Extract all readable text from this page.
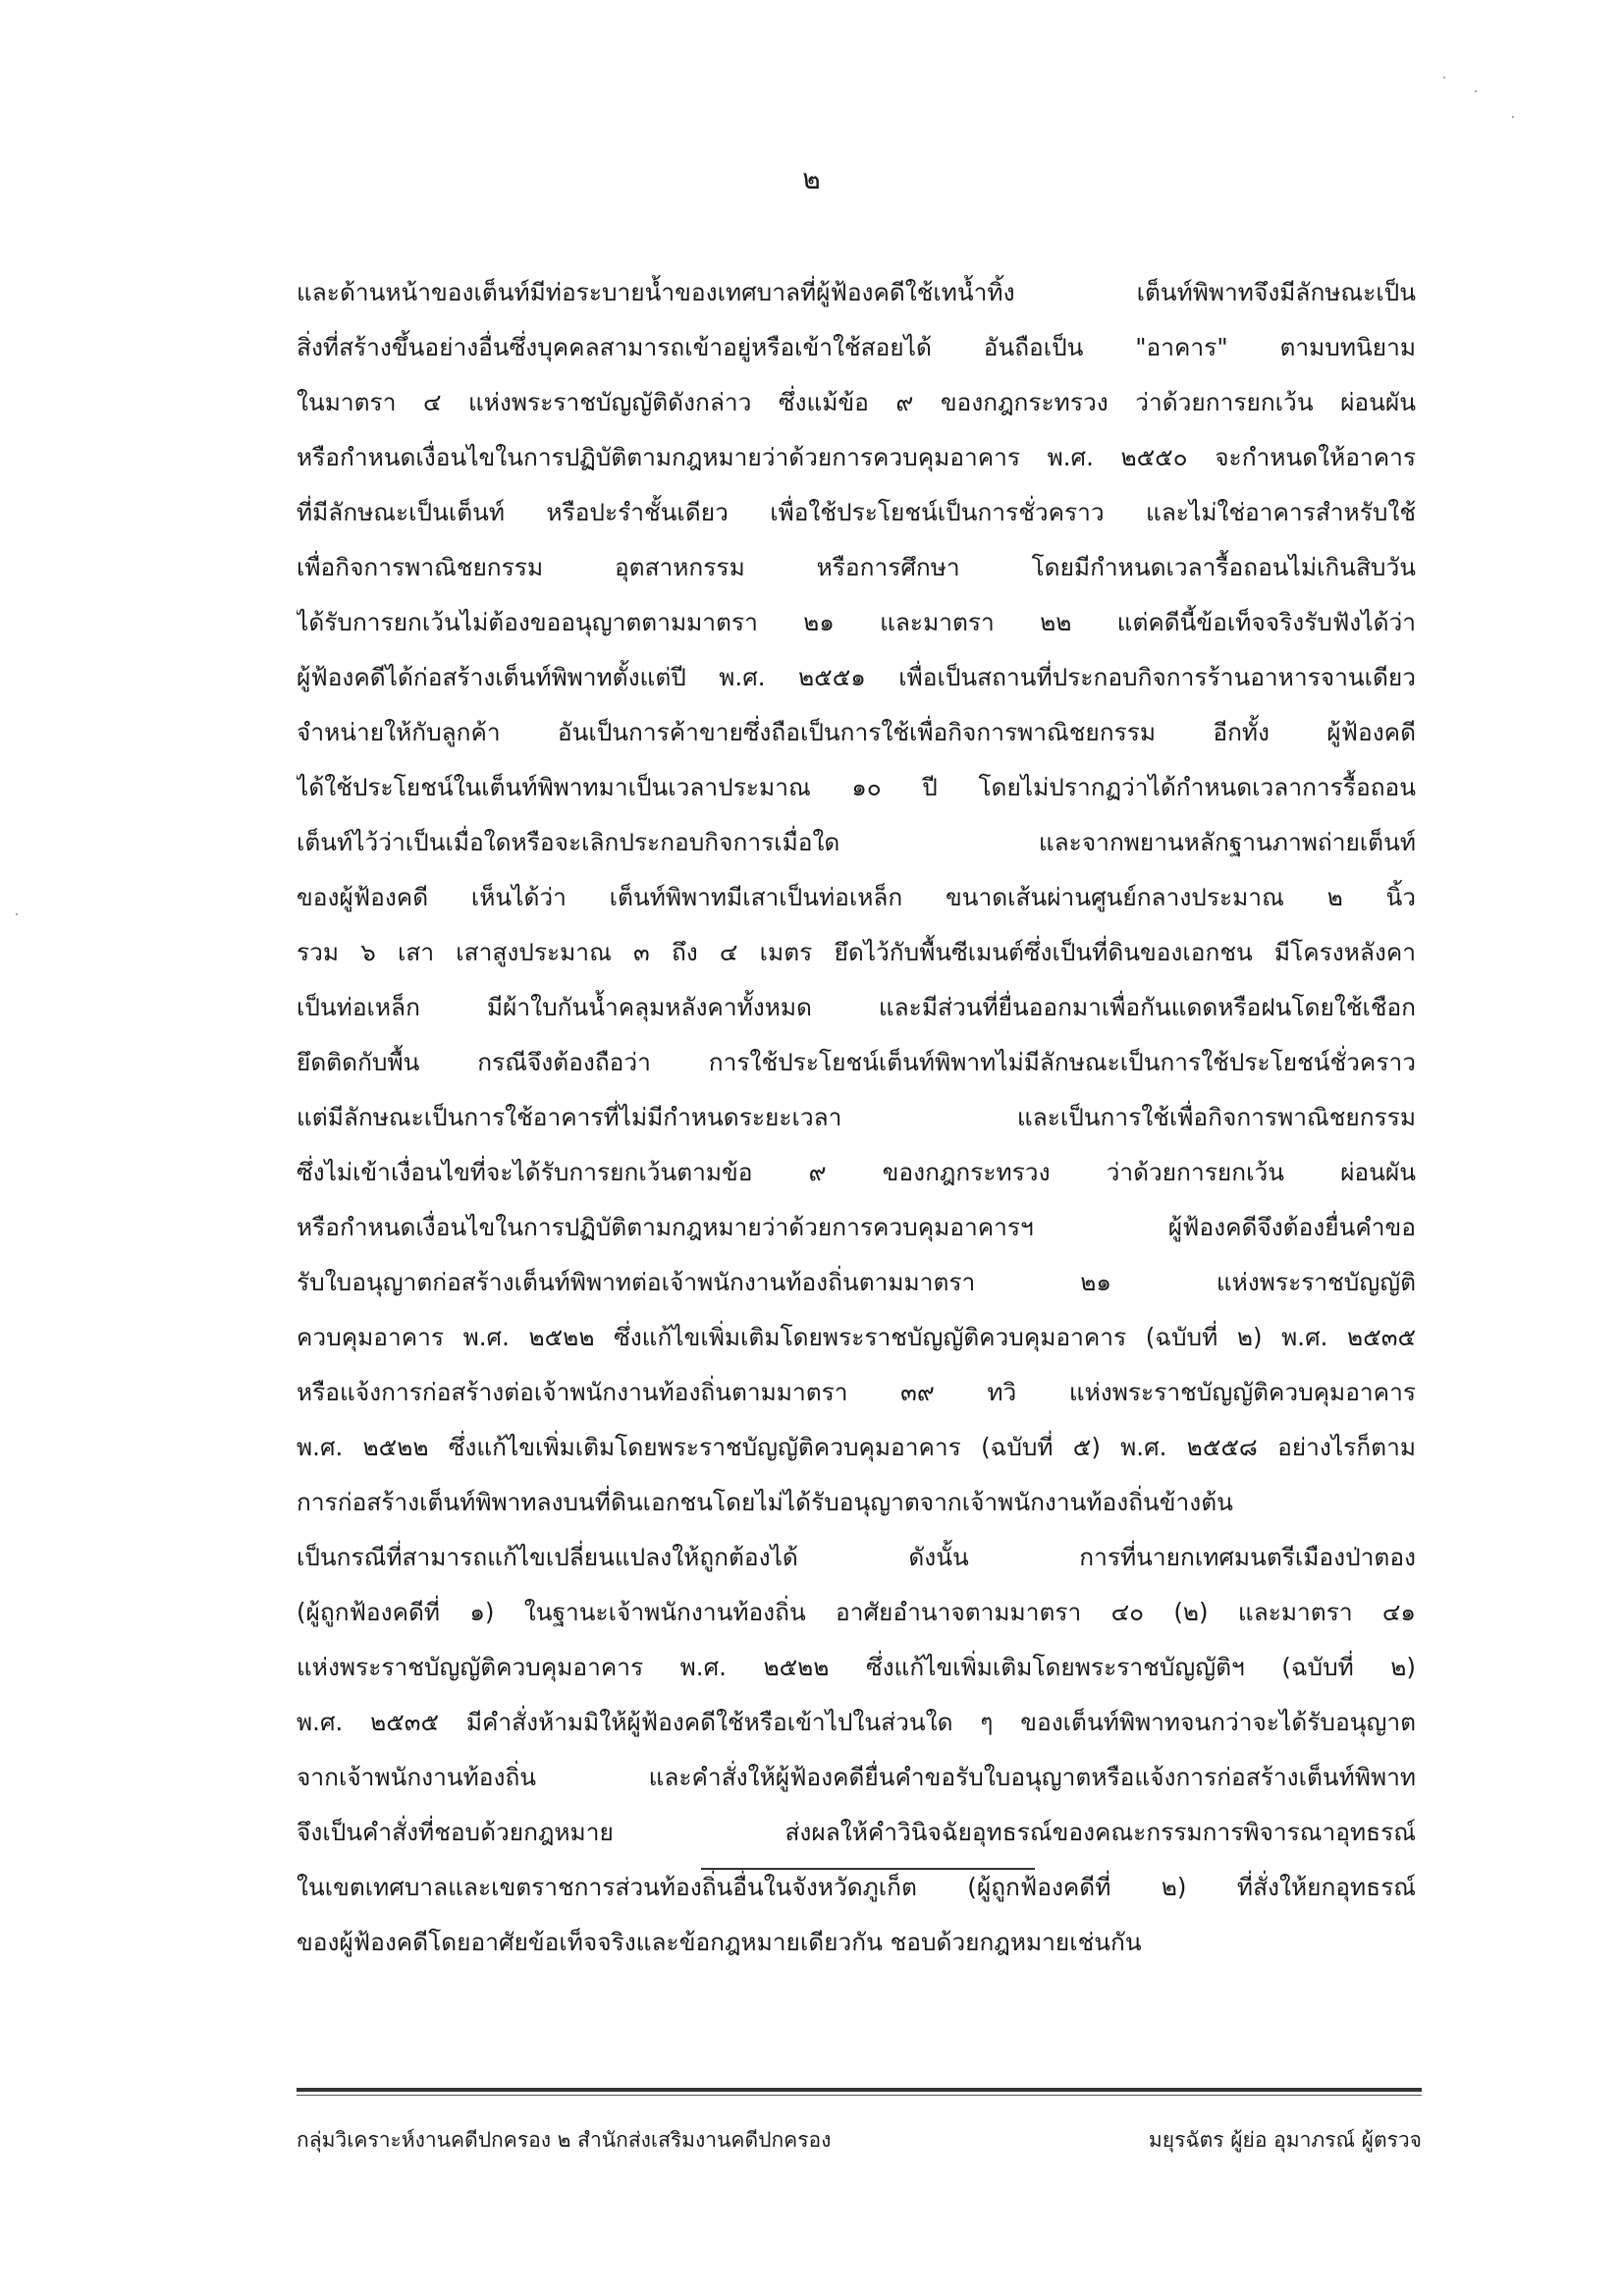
๒
และด้านหน้าของเต็นท์มีท่อระบายน้ำของเทศบาลที่ผู้ฟ้องคดีใช้เทน้ำทิ้ง เต็นท์พิพาทจึงมีลักษณะเป็น
สิ่งที่สร้างขึ้นอย่างอื่นซึ่งบุคคลสามารถเข้าอยู่หรือเข้าใช้สอยได้ อันถือเป็น "อาคาร" ตามบทนิยาม
ในมาตรา ๔ แห่งพระราชบัญญัติดังกล่าว ซึ่งแม้ข้อ ๙ ของกฎกระทรวง ว่าด้วยการยกเว้น ผ่อนผัน
หรือกำหนดเงื่อนไขในการปฏิบัติตามกฎหมายว่าด้วยการควบคุมอาคาร พ.ศ. ๒๕๕๐ จะกำหนดให้อาคาร
ที่มีลักษณะเป็นเต็นท์ หรือปะรำชั้นเดียว เพื่อใช้ประโยชน์เป็นการชั่วคราว และไม่ใช่อาคารสำหรับใช้
เพื่อกิจการพาณิชยกรรม อุตสาหกรรม หรือการศึกษา โดยมีกำหนดเวลารื้อถอนไม่เกินสิบวัน
ได้รับการยกเว้นไม่ต้องขออนุญาตตามมาตรา ๒๑ และมาตรา ๒๒ แต่คดีนี้ข้อเท็จจริงรับฟังได้ว่า
ผู้ฟ้องคดีได้ก่อสร้างเต็นท์พิพาทตั้งแต่ปี พ.ศ. ๒๕๕๑ เพื่อเป็นสถานที่ประกอบกิจการร้านอาหารจานเดียว
จำหน่ายให้กับลูกค้า อันเป็นการค้าขายซึ่งถือเป็นการใช้เพื่อกิจการพาณิชยกรรม อีกทั้ง ผู้ฟ้องคดี
ได้ใช้ประโยชน์ในเต็นท์พิพาทมาเป็นเวลาประมาณ ๑๐ ปี โดยไม่ปรากฏว่าได้กำหนดเวลาการรื้อถอน
เต็นท์ไว้ว่าเป็นเมื่อใดหรือจะเลิกประกอบกิจการเมื่อใด และจากพยานหลักฐานภาพถ่ายเต็นท์
ของผู้ฟ้องคดี เห็นได้ว่า เต็นท์พิพาทมีเสาเป็นท่อเหล็ก ขนาดเส้นผ่านศูนย์กลางประมาณ ๒ นิ้ว
รวม ๖ เสา เสาสูงประมาณ ๓ ถึง ๔ เมตร ยึดไว้กับพื้นซีเมนต์ซึ่งเป็นที่ดินของเอกชน มีโครงหลังคา
เป็นท่อเหล็ก มีผ้าใบกันน้ำคลุมหลังคาทั้งหมด และมีส่วนที่ยื่นออกมาเพื่อกันแดดหรือฝนโดยใช้เชือก
ยึดติดกับพื้น กรณีจึงต้องถือว่า การใช้ประโยชน์เต็นท์พิพาทไม่มีลักษณะเป็นการใช้ประโยชน์ชั่วคราว
แต่มีลักษณะเป็นการใช้อาคารที่ไม่มีกำหนดระยะเวลา และเป็นการใช้เพื่อกิจการพาณิชยกรรม
ซึ่งไม่เข้าเงื่อนไขที่จะได้รับการยกเว้นตามข้อ ๙ ของกฎกระทรวง ว่าด้วยการยกเว้น ผ่อนผัน
หรือกำหนดเงื่อนไขในการปฏิบัติตามกฎหมายว่าด้วยการควบคุมอาคารฯ ผู้ฟ้องคดีจึงต้องยื่นคำขอ
รับใบอนุญาตก่อสร้างเต็นท์พิพาทต่อเจ้าพนักงานท้องถิ่นตามมาตรา ๒๑ แห่งพระราชบัญญัติ
ควบคุมอาคาร พ.ศ. ๒๕๒๒ ซึ่งแก้ไขเพิ่มเติมโดยพระราชบัญญัติควบคุมอาคาร (ฉบับที่ ๒) พ.ศ. ๒๕๓๕
หรือแจ้งการก่อสร้างต่อเจ้าพนักงานท้องถิ่นตามมาตรา ๓๙ ทวิ แห่งพระราชบัญญัติควบคุมอาคาร
พ.ศ. ๒๕๒๒ ซึ่งแก้ไขเพิ่มเติมโดยพระราชบัญญัติควบคุมอาคาร (ฉบับที่ ๕) พ.ศ. ๒๕๕๘ อย่างไรก็ตาม
การก่อสร้างเต็นท์พิพาทลงบนที่ดินเอกชนโดยไม่ได้รับอนุญาตจากเจ้าพนักงานท้องถิ่นข้างต้น
เป็นกรณีที่สามารถแก้ไขเปลี่ยนแปลงให้ถูกต้องได้ ดังนั้น การที่นายกเทศมนตรีเมืองป่าตอง
(ผู้ถูกฟ้องคดีที่ ๑) ในฐานะเจ้าพนักงานท้องถิ่น อาศัยอำนาจตามมาตรา ๔๐ (๒) และมาตรา ๔๑
แห่งพระราชบัญญัติควบคุมอาคาร พ.ศ. ๒๕๒๒ ซึ่งแก้ไขเพิ่มเติมโดยพระราชบัญญัติฯ (ฉบับที่ ๒)
พ.ศ. ๒๕๓๕ มีคำสั่งห้ามมิให้ผู้ฟ้องคดีใช้หรือเข้าไปในส่วนใด ๆ ของเต็นท์พิพาทจนกว่าจะได้รับอนุญาต
จากเจ้าพนักงานท้องถิ่น และคำสั่งให้ผู้ฟ้องคดียื่นคำขอรับใบอนุญาตหรือแจ้งการก่อสร้างเต็นท์พิพาท
จึงเป็นคำสั่งที่ชอบด้วยกฎหมาย ส่งผลให้คำวินิจฉัยอุทธรณ์ของคณะกรรมการพิจารณาอุทธรณ์
ในเขตเทศบาลและเขตราชการส่วนท้องถิ่นอื่นในจังหวัดภูเก็ต (ผู้ถูกฟ้องคดีที่ ๒) ที่สั่งให้ยกอุทธรณ์
ของผู้ฟ้องคดีโดยอาศัยข้อเท็จจริงและข้อกฎหมายเดียวกัน ชอบด้วยกฎหมายเช่นกัน
กลุ่มวิเคราะห์งานคดีปกครอง ๒ สำนักส่งเสริมงานคดีปกครอง	มยุรฉัตร ผู้ย่อ อุมาภรณ์ ผู้ตรวจ
